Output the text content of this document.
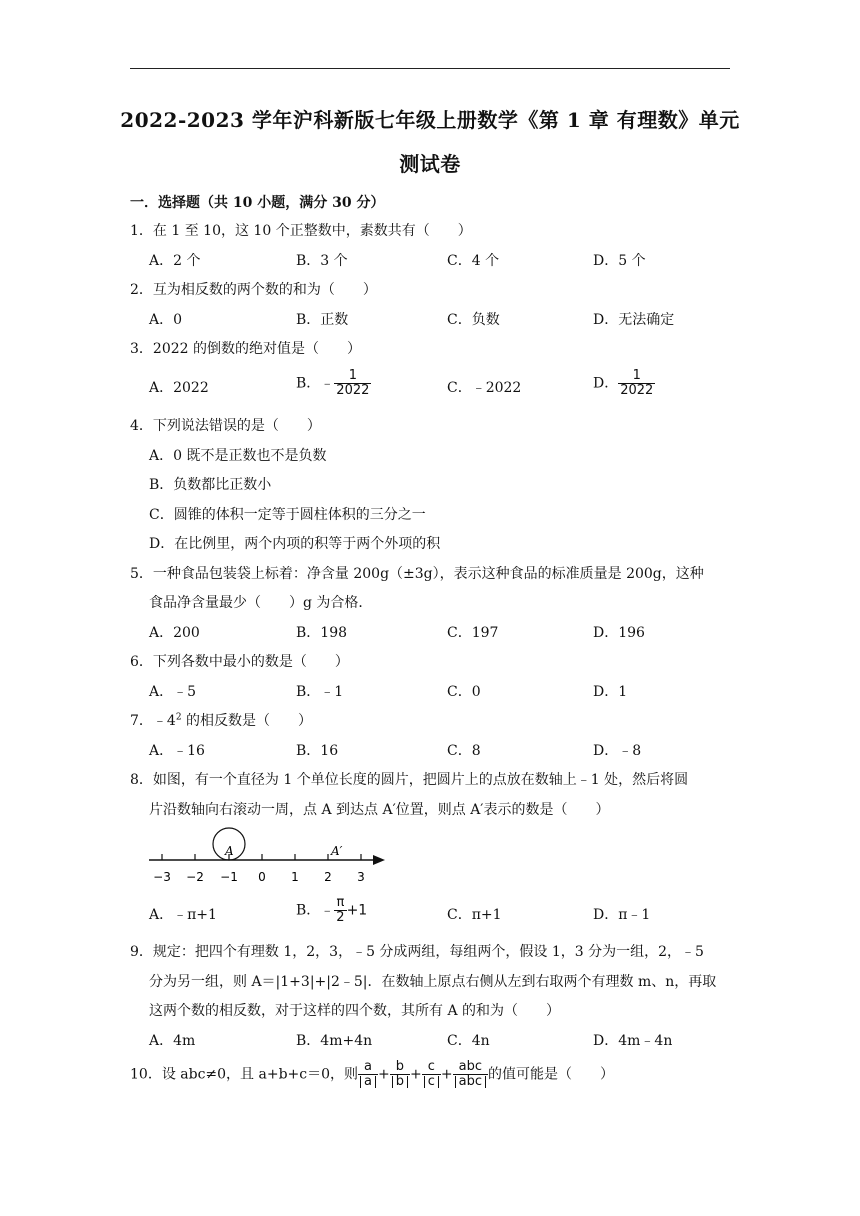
2022-2023 学年沪科新版七年级上册数学《第 1 章 有理数》单元
测试卷
一．选择题（共 10 小题，满分 30 分）
1．在 1 至 10，这 10 个正整数中，素数共有（　　）
A．2 个	B．3 个	C．4 个	D．5 个
2．互为相反数的两个数的和为（　　）
A．0	B．正数	C．负数	D．无法确定
3．2022 的倒数的绝对值是（　　）
A．2022	B．﹣ $\frac{1}{2022}$	C．﹣2022	D． $\frac{1}{2022}$
4．下列说法错误的是（　　）
A．0 既不是正数也不是负数
B．负数都比正数小
C．圆锥的体积一定等于圆柱体积的三分之一
D．在比例里，两个内项的积等于两个外项的积
5．一种食品包装袋上标着：净含量 200g（±3g），表示这种食品的标准质量是 200g，这种
食品净含量最少（　　）g 为合格．
A．200	B．198	C．197	D．196
6．下列各数中最小的数是（　　）
A．﹣5	B．﹣1	C．0	D．1
7．$﹣4^2$ 的相反数是（　　）
A．﹣16	B．16	C．8	D．﹣8
8．如图，有一个直径为 1 个单位长度的圆片，把圆片上的点放在数轴上﹣1 处，然后将圆
片沿数轴向右滚动一周，点 A 到达点 A′位置，则点 A′表示的数是（　　）
A	A′
−3 −2 −1 0 1 2 3
A．﹣π+1	B．﹣ $\frac{\pi}{2} +1$	C．π+1	D．π﹣1
9．规定：把四个有理数 1，2，3，﹣5 分成两组，每组两个，假设 1，3 分为一组，2，﹣5
分为另一组，则 A＝|1+3|+|2﹣5|．在数轴上原点右侧从左到右取两个有理数 m、n，再取
这两个数的相反数，对于这样的四个数，其所有 A 的和为（　　）
A．4m	B．4m+4n	C．4n	D．4m﹣4n
10．设 abc≠0，且 a+b+c＝0，则 $\frac{a}{a} + \frac{b}{b} + \frac{c}{c} + \frac{\text{abc}}{\text{abc}}$ 的值可能是（　　）
